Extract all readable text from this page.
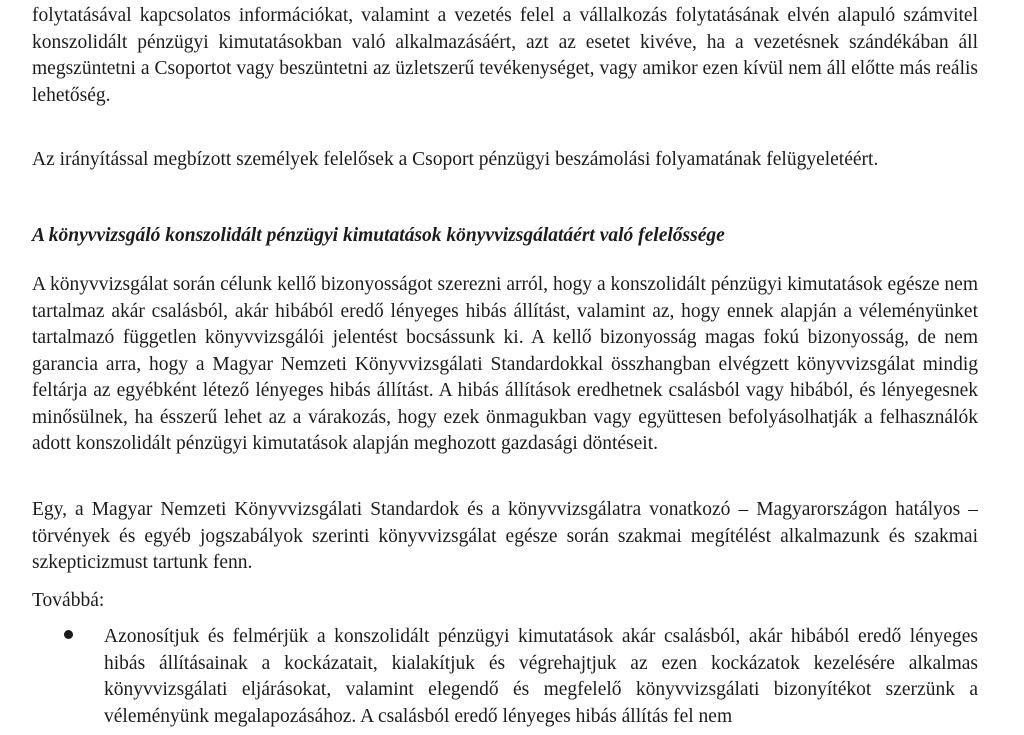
folytatásával kapcsolatos információkat, valamint a vezetés felel a vállalkozás folytatásának elvén alapuló számvitel konszolidált pénzügyi kimutatásokban való alkalmazásáért, azt az esetet kivéve, ha a vezetésnek szándékában áll megszüntetni a Csoportot vagy beszüntetni az üzletszerű tevékenységet, vagy amikor ezen kívül nem áll előtte más reális lehetőség.

Az irányítással megbízott személyek felelősek a Csoport pénzügyi beszámolási folyamatának felügyeletéért.

A könyvvizsgáló konszolidált pénzügyi kimutatások könyvvizsgálatáért való felelőssége

A könyvvizsgálat során célunk kellő bizonyosságot szerezni arról, hogy a konszolidált pénzügyi kimutatások egésze nem tartalmaz akár csalásból, akár hibából eredő lényeges hibás állítást, valamint az, hogy ennek alapján a véleményünket tartalmazó független könyvvizsgálói jelentést bocsássunk ki. A kellő bizonyosság magas fokú bizonyosság, de nem garancia arra, hogy a Magyar Nemzeti Könyvvizsgálati Standardokkal összhangban elvégzett könyvvizsgálat mindig feltárja az egyébként létező lényeges hibás állítást. A hibás állítások eredhetnek csalásból vagy hibából, és lényegesnek minősülnek, ha ésszerű lehet az a várakozás, hogy ezek önmagukban vagy együttesen befolyásolhatják a felhasználók adott konszolidált pénzügyi kimutatások alapján meghozott gazdasági döntéseit.

Egy, a Magyar Nemzeti Könyvvizsgálati Standardok és a könyvvizsgálatra vonatkozó – Magyarországon hatályos – törvények és egyéb jogszabályok szerinti könyvvizsgálat egésze során szakmai megítélést alkalmazunk és szakmai szkepticizmust tartunk fenn.

Továbbá:

Azonosítjuk és felmérjük a konszolidált pénzügyi kimutatások akár csalásból, akár hibából eredő lényeges hibás állításainak a kockázatait, kialakítjuk és végrehajtjuk az ezen kockázatok kezelésére alkalmas könyvvizsgálati eljárásokat, valamint elegendő és megfelelő könyvvizsgálati bizonyítékot szerzünk a véleményünk megalapozásához. A csalásból eredő lényeges hibás állítás fel nem
